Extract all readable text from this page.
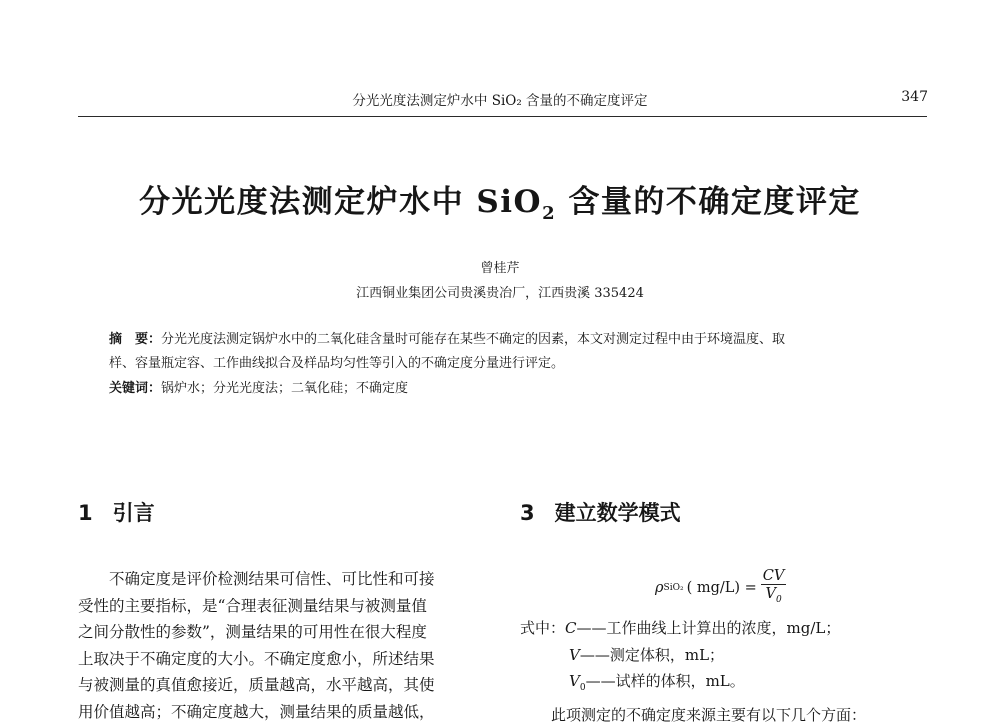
分光光度法测定炉水中 SiO₂ 含量的不确定度评定	347
分光光度法测定炉水中 SiO$_2$ 含量的不确定度评定
曾桂芹
江西铜业集团公司贵溪贵冶厂，江西贵溪 335424
摘　要：分光光度法测定锅炉水中的二氧化硅含量时可能存在某些不确定的因素，本文对测定过程中由于环境温度、取
样、容量瓶定容、工作曲线拟合及样品均匀性等引入的不确定度分量进行评定。
关键词：锅炉水；分光光度法；二氧化硅；不确定度
1 引言
不确定度是评价检测结果可信性、可比性和可接
受性的主要指标，是“合理表征测量结果与被测量值
之间分散性的参数”，测量结果的可用性在很大程度
上取决于不确定度的大小。不确定度愈小，所述结果
与被测量的真值愈接近，质量越高，水平越高，其使
用价值越高；不确定度越大，测量结果的质量越低，
3 建立数学模式
ρ SiO₂ ( $mg/L) = \frac{CV}{V_0}$
式中：C——工作曲线上计算出的浓度，mg/L；
V——测定体积，mL；
$V_0——$试样的体积，mL。
此项测定的不确定度来源主要有以下几个方面：
